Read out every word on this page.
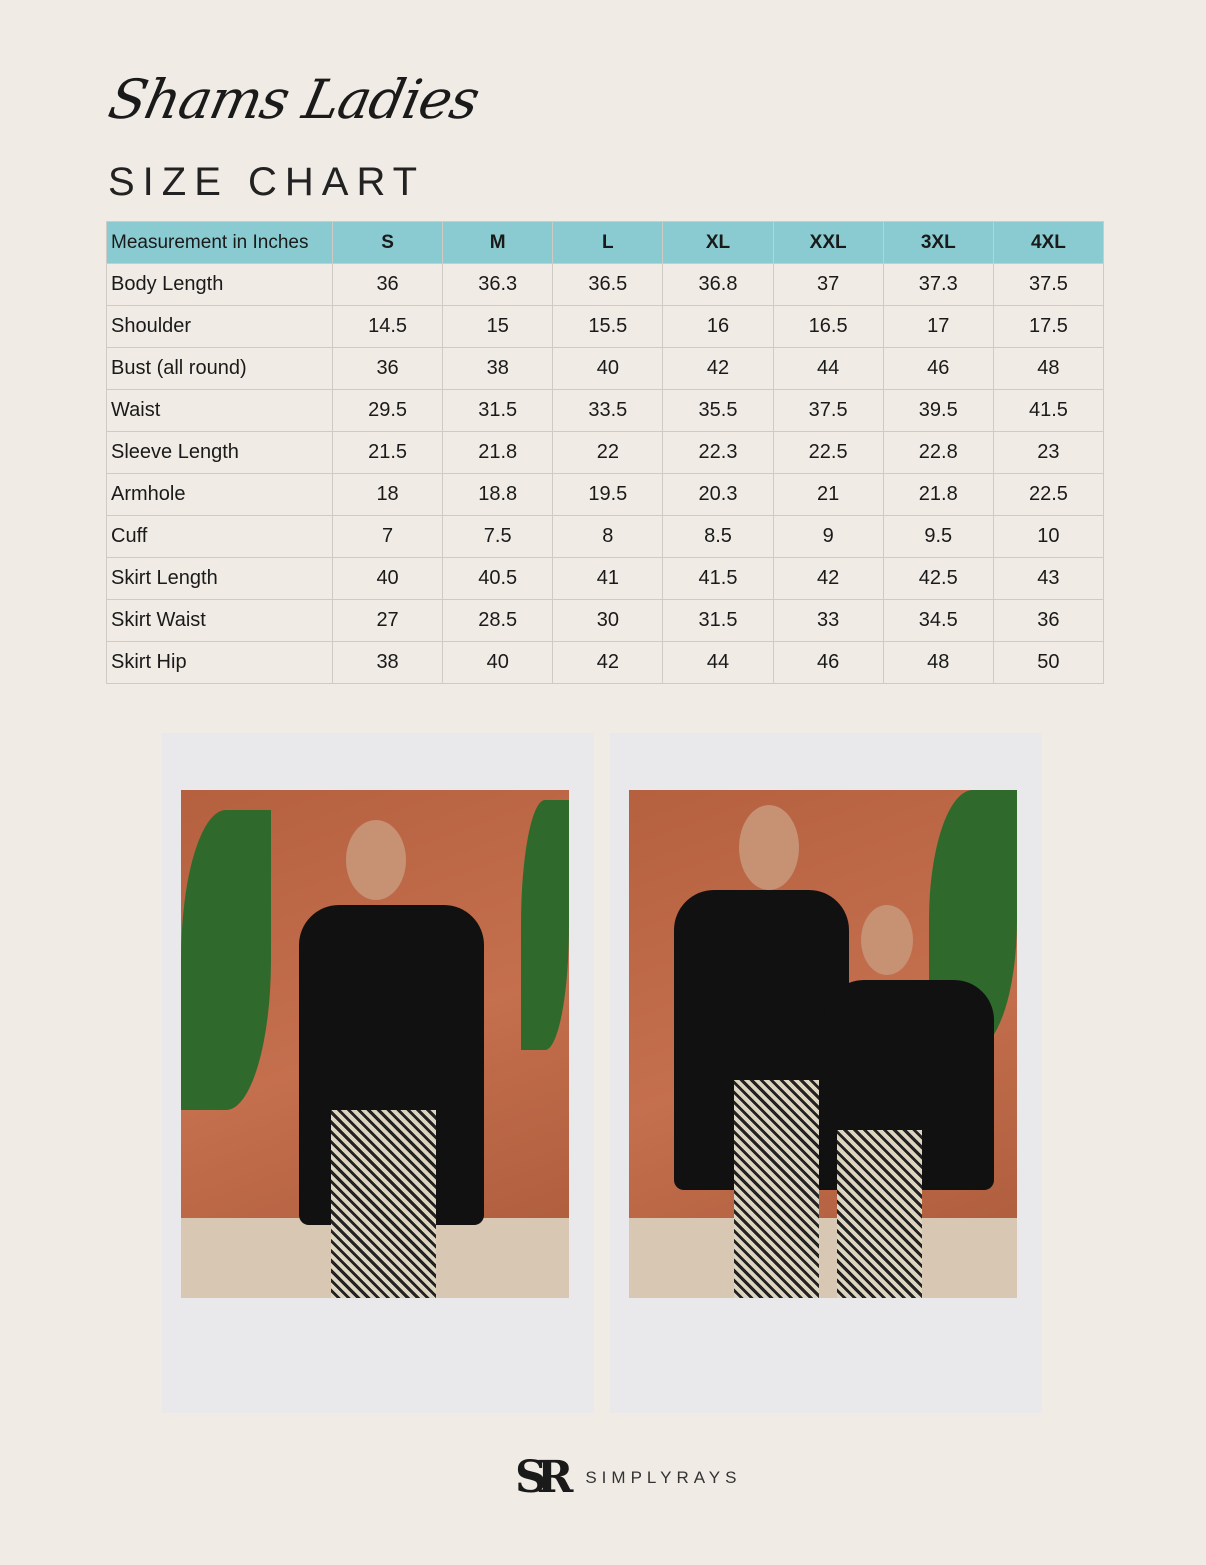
Shams Ladies
SIZE CHART
Measurement in Inches	S	M	L	XL	XXL	3XL	4XL
Body Length	36	36.3	36.5	36.8	37	37.3	37.5
Shoulder	14.5	15	15.5	16	16.5	17	17.5
Bust (all round)	36	38	40	42	44	46	48
Waist	29.5	31.5	33.5	35.5	37.5	39.5	41.5
Sleeve Length	21.5	21.8	22	22.3	22.5	22.8	23
Armhole	18	18.8	19.5	20.3	21	21.8	22.5
Cuff	7	7.5	8	8.5	9	9.5	10
Skirt Length	40	40.5	41	41.5	42	42.5	43
Skirt Waist	27	28.5	30	31.5	33	34.5	36
Skirt Hip	38	40	42	44	46	48	50
SR SIMPLYRAYS
